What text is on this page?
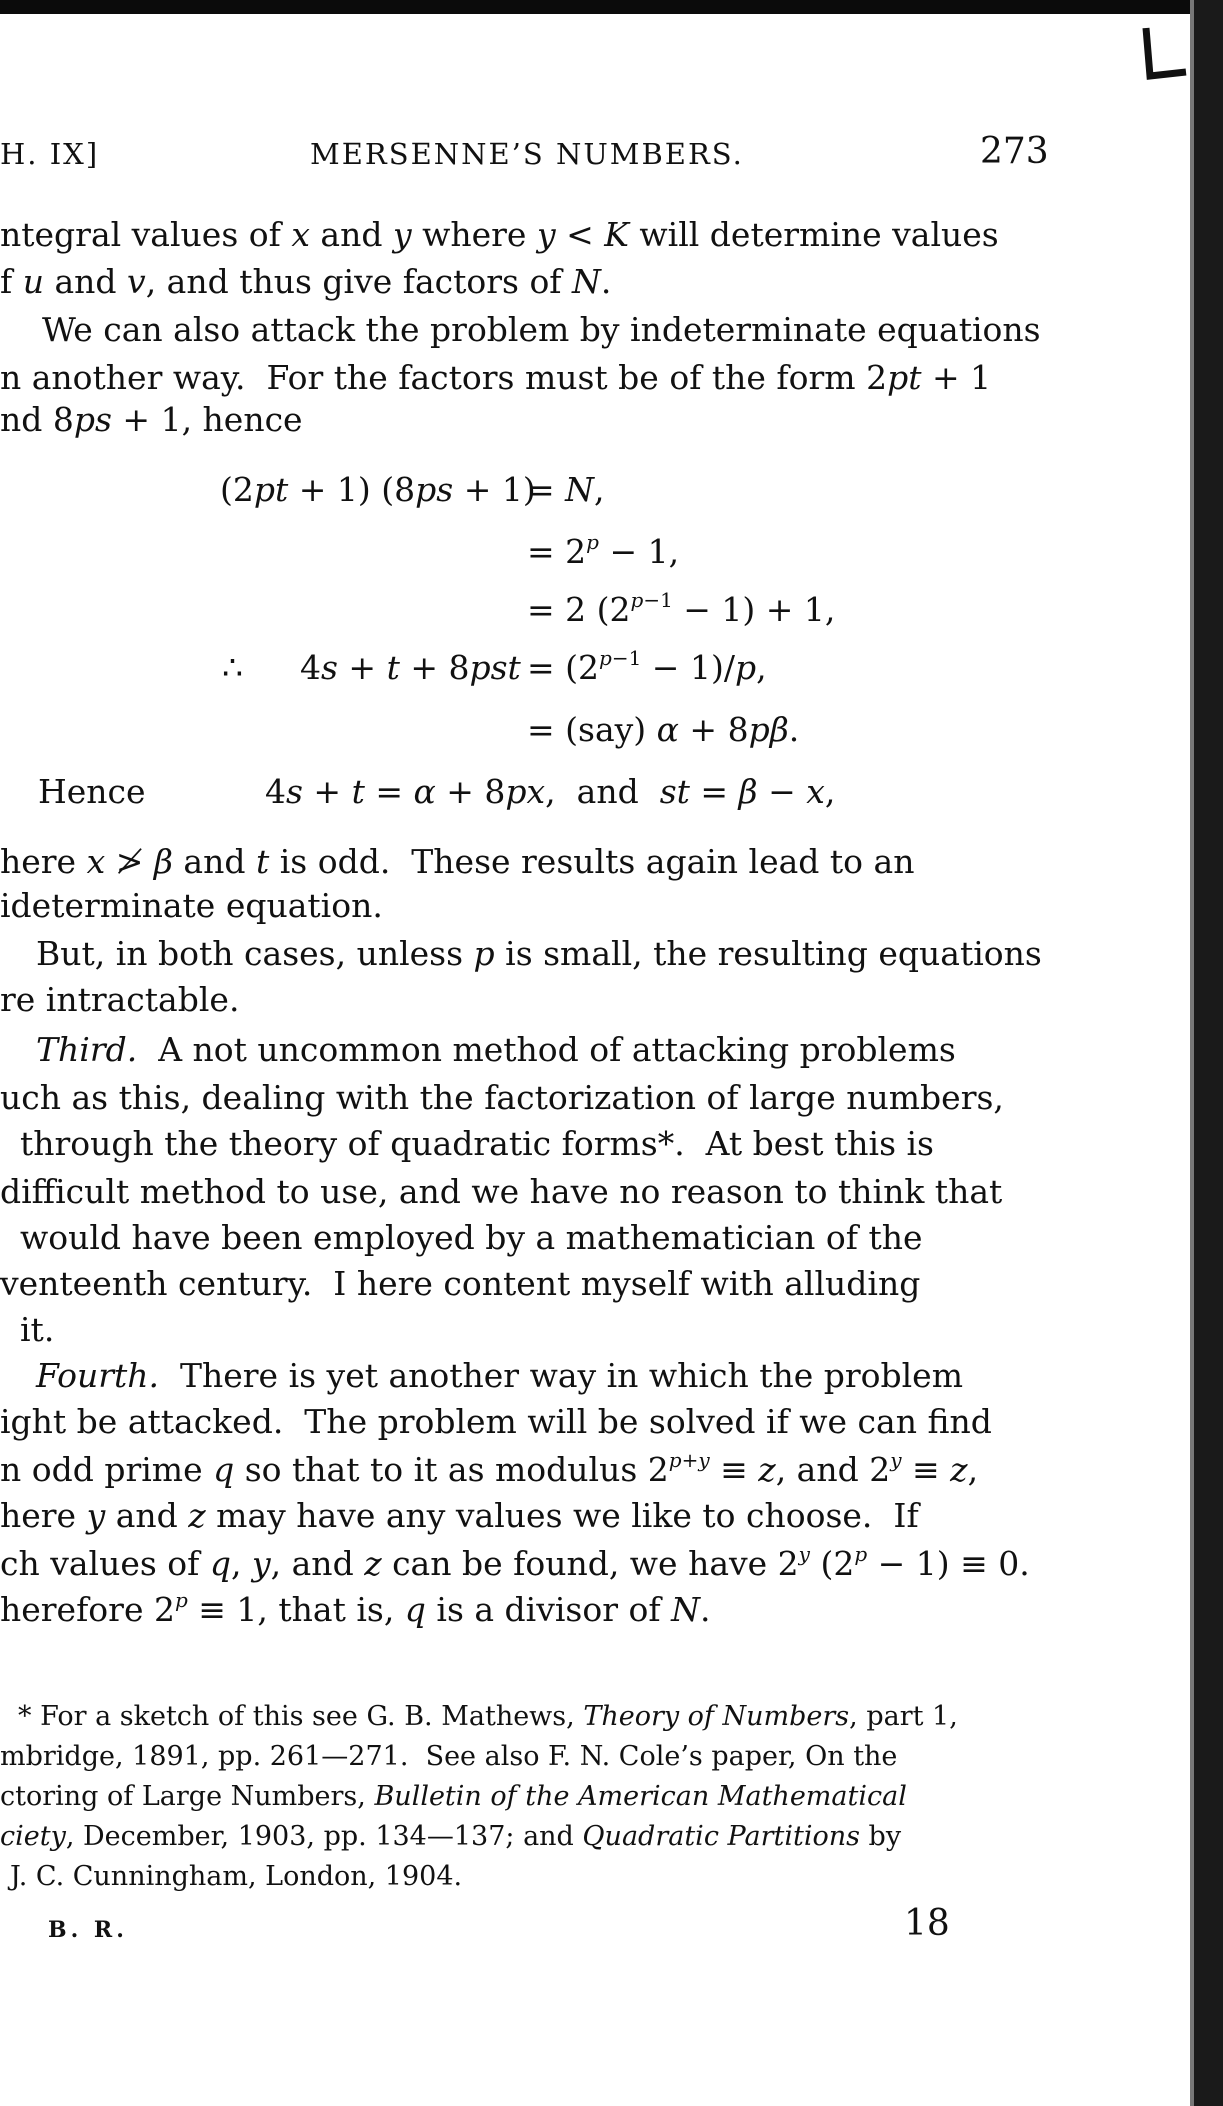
H. IX]	MERSENNE’S NUMBERS.	273
ntegral values of x and y where y < K will determine values
f u and v, and thus give factors of N.
We can also attack the problem by indeterminate equations
n another way.  For the factors must be of the form 2pt + 1
nd 8ps + 1, hence
(2pt + 1) (8ps + 1)
= N,
= $2^p - 1$,
= 2 $(2^{p-1} - 1) + 1$,
∴ $4s + t + 8pst = (2^{p-1} - 1)/p$,
= (say) α + 8pβ.
Hence	4s + t = α + 8px,  and  st = β − x,
here x ≯ β and t is odd.  These results again lead to an
ideterminate equation.
But, in both cases, unless p is small, the resulting equations
re intractable.
Third.  A not uncommon method of attacking problems
uch as this, dealing with the factorization of large numbers,
through the theory of quadratic forms*.  At best this is
difficult method to use, and we have no reason to think that
would have been employed by a mathematician of the
venteenth century.  I here content myself with alluding
it.
Fourth.  There is yet another way in which the problem
ight be attacked.  The problem will be solved if we can find
n odd prime q so that to it as modulus $2^{p+y} \equiv z$, and $2^y \equiv z$,
here y and z may have any values we like to choose.  If
ch values of q, y, and z can be found, we have 2$^y$ $(2^p - 1) \equiv 0$.
herefore $2^p \equiv 1$, that is, q is a divisor of N.
* For a sketch of this see G. B. Mathews, Theory of Numbers, part 1,
mbridge, 1891, pp. 261—271.  See also F. N. Cole’s paper, On the
ctoring of Large Numbers, Bulletin of the American Mathematical
ciety, December, 1903, pp. 134—137; and Quadratic Partitions by
J. C. Cunningham, London, 1904.
B. R.	18
